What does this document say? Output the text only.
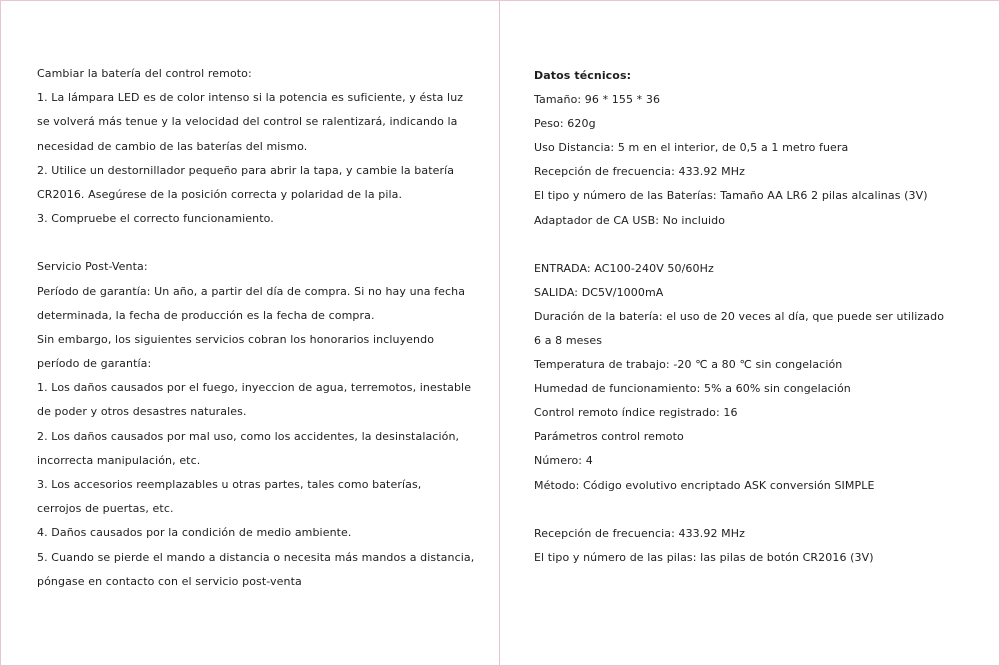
Cambiar la batería del control remoto:
1. La lámpara LED es de color intenso si la potencia es suficiente, y ésta luz
se volverá más tenue y la velocidad del control se ralentizará, indicando la
necesidad de cambio de las baterías del mismo.
2. Utilice un destornillador pequeño para abrir la tapa, y cambie la batería
CR2016. Asegúrese de la posición correcta y polaridad de la pila.
3. Compruebe el correcto funcionamiento.
Servicio Post-Venta:
Período de garantía: Un año, a partir del día de compra. Si no hay una fecha
determinada, la fecha de producción es la fecha de compra.
Sin embargo, los siguientes servicios cobran los honorarios incluyendo
período de garantía:
1. Los daños causados por el fuego, inyeccion de agua, terremotos, inestable
de poder y otros desastres naturales.
2. Los daños causados por mal uso, como los accidentes, la desinstalación,
incorrecta manipulación, etc.
3. Los accesorios reemplazables u otras partes, tales como baterías,
cerrojos de puertas, etc.
4. Daños causados por la condición de medio ambiente.
5. Cuando se pierde el mando a distancia o necesita más mandos a distancia,
póngase en contacto con el servicio post-venta
Datos técnicos:
Tamaño: 96 * 155 * 36
Peso: 620g
Uso Distancia: 5 m en el interior, de 0,5 a 1 metro fuera
Recepción de frecuencia: 433.92 MHz
El tipo y número de las Baterías: Tamaño AA LR6 2 pilas alcalinas (3V)
Adaptador de CA USB: No incluido
ENTRADA: AC100-240V 50/60Hz
SALIDA: DC5V/1000mA
Duración de la batería: el uso de 20 veces al día, que puede ser utilizado
6 a 8 meses
Temperatura de trabajo: -20 ℃ a 80 ℃ sin congelación
Humedad de funcionamiento: 5% a 60% sin congelación
Control remoto índice registrado: 16
Parámetros control remoto
Número: 4
Método: Código evolutivo encriptado ASK conversión SIMPLE
Recepción de frecuencia: 433.92 MHz
El tipo y número de las pilas: las pilas de botón CR2016 (3V)
